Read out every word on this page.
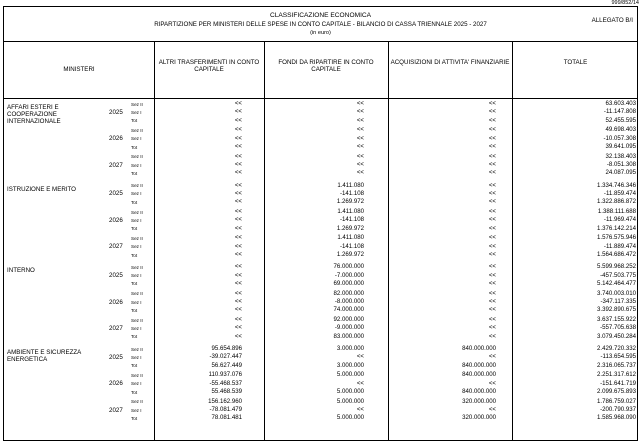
999/852/14
CLASSIFICAZIONE ECONOMICA
RIPARTIZIONE PER MINISTERI DELLE SPESE IN CONTO CAPITALE - BILANCIO DI CASSA TRIENNALE 2025 - 2027
(in euro)
ALLEGATO B/I
MINISTERI
ALTRI TRASFERIMENTI IN CONTO CAPITALE
FONDI DA RIPARTIRE IN CONTO CAPITALE
ACQUISIZIONI DI ATTIVITA' FINANZIARIE	TOTALE
AFFARI ESTERI E COOPERAZIONE INTERNAZIONALE
2025
Sez II	<<	<<	<<	63.603.403
Sez I	<<	<<	<<	-11.147.808
Tot	<<	<<	<<	52.455.595
2026
Sez II	<<	<<	<<	49.698.403
Sez I	<<	<<	<<	-10.057.308
Tot	<<	<<	<<	39.641.095
2027
Sez II	<<	<<	<<	32.138.403
Sez I	<<	<<	<<	-8.051.308
Tot	<<	<<	<<	24.087.095
ISTRUZIONE E MERITO
2025
Sez II	<<	1.411.080	<<	1.334.746.346
Sez I	<<	-141.108	<<	-11.859.474
Tot	<<	1.269.972	<<	1.322.886.872
2026
Sez II	<<	1.411.080	<<	1.388.111.688
Sez I	<<	-141.108	<<	-11.969.474
Tot	<<	1.269.972	<<	1.376.142.214
2027
Sez II	<<	1.411.080	<<	1.576.575.946
Sez I	<<	-141.108	<<	-11.889.474
Tot	<<	1.269.972	<<	1.564.686.472
INTERNO
2025
Sez II	<<	76.000.000	<<	5.599.968.252
Sez I	<<	-7.000.000	<<	-457.503.775
Tot	<<	69.000.000	<<	5.142.464.477
2026
Sez II	<<	82.000.000	<<	3.740.003.010
Sez I	<<	-8.000.000	<<	-347.117.335
Tot	<<	74.000.000	<<	3.392.890.675
2027
Sez II	<<	92.000.000	<<	3.637.155.922
Sez I	<<	-9.000.000	<<	-557.705.638
Tot	<<	83.000.000	<<	3.079.450.284
AMBIENTE E SICUREZZA ENERGETICA	2025
Sez II	95.654.896	3.000.000	840.000.000	2.429.720.332
Sez I	-39.027.447	<<	<<	-113.654.595
Tot	56.627.449	3.000.000	840.000.000	2.316.065.737
2026
Sez II	110.937.076	5.000.000	840.000.000	2.251.317.612
Sez I	-55.468.537	<<	<<	-151.641.719
Tot	55.468.539	5.000.000	840.000.000	2.099.675.893
2027
Sez II	156.162.960	5.000.000	320.000.000	1.786.759.027
Sez I	-78.081.479	<<	<<	-200.790.937
Tot	78.081.481	5.000.000	320.000.000	1.585.968.090
